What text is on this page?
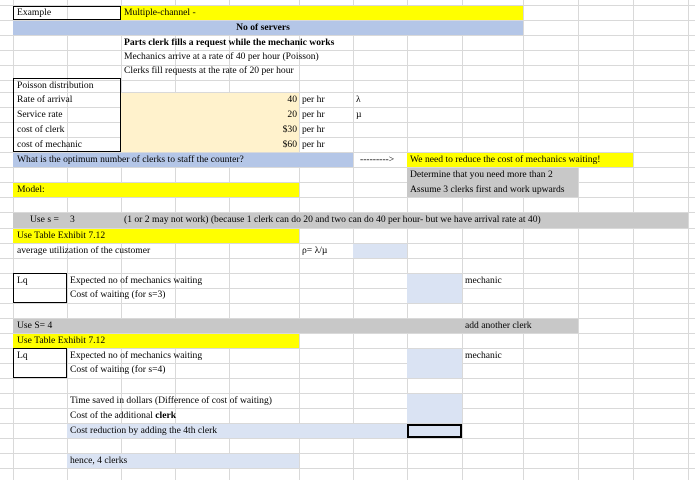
Example	Multiple-channel -
No of servers
Parts clerk fills a request while the mechanic works
Mechanics arrive at a rate of 40 per hour (Poisson)
Clerks fill requests at the rate of 20 per hour
Poisson distribution
Rate of arrival	40 per hr	λ
Service rate	20 per hr	µ
cost of clerk	$30 per hr
cost of mechanic	$60 per hr
What is the optimum number of clerks to staff the counter?	---------> We need to reduce the cost of mechanics waiting!
Determine that you need more than 2
Assume 3 clerks first and work upwards
Model:
Use s = 3	(1 or 2 may not work) (because 1 clerk can do 20 and two can do 40 per hour- but we have arrival rate at 40)
Use Table Exhibit 7.12
average utilization of the customer	ρ= λ/µ
Lq	Expected no of mechanics waiting
Cost of waiting (for s=3)
mechanic
Use S= 4	add another clerk
Use Table Exhibit 7.12
Lq	Expected no of mechanics waiting
Cost of waiting (for s=4)
mechanic
Time saved in dollars (Difference of cost of waiting)
Cost of the additional clerk
Cost reduction by adding the 4th clerk
hence, 4 clerks
